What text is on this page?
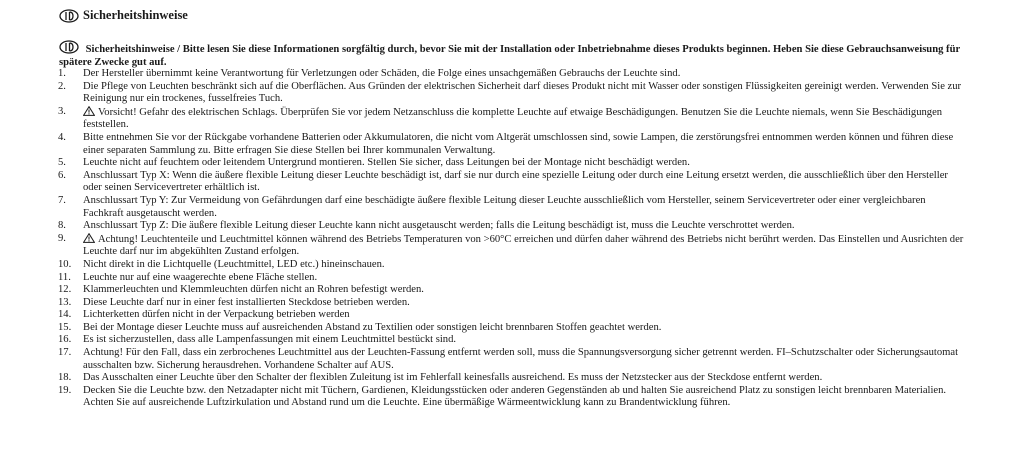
Sicherheitshinweise
Sicherheitshinweise / Bitte lesen Sie diese Informationen sorgfältig durch, bevor Sie mit der Installation oder Inbetriebnahme dieses Produkts beginnen. Heben Sie diese Gebrauchsanweisung für spätere Zwecke gut auf.
1.	Der Hersteller übernimmt keine Verantwortung für Verletzungen oder Schäden, die Folge eines unsachgemäßen Gebrauchs der Leuchte sind.
2.	Die Pflege von Leuchten beschränkt sich auf die Oberflächen. Aus Gründen der elektrischen Sicherheit darf dieses Produkt nicht mit Wasser oder sonstigen Flüssigkeiten gereinigt werden. Verwenden Sie zur Reinigung nur ein trockenes, fusselfreies Tuch.
3.	Vorsicht! Gefahr des elektrischen Schlags. Überprüfen Sie vor jedem Netzanschluss die komplette Leuchte auf etwaige Beschädigungen. Benutzen Sie die Leuchte niemals, wenn Sie Beschädigungen feststellen.
4.	Bitte entnehmen Sie vor der Rückgabe vorhandene Batterien oder Akkumulatoren, die nicht vom Altgerät umschlossen sind, sowie Lampen, die zerstörungsfrei entnommen werden können und führen diese einer separaten Sammlung zu. Bitte erfragen Sie diese Stellen bei Ihrer kommunalen Verwaltung.
5.	Leuchte nicht auf feuchtem oder leitendem Untergrund montieren. Stellen Sie sicher, dass Leitungen bei der Montage nicht beschädigt werden.
6.	Anschlussart Typ X: Wenn die äußere flexible Leitung dieser Leuchte beschädigt ist, darf sie nur durch eine spezielle Leitung oder durch eine Leitung ersetzt werden, die ausschließlich über den Hersteller oder seinen Servicevertreter erhältlich ist.
7.	Anschlussart Typ Y: Zur Vermeidung von Gefährdungen darf eine beschädigte äußere flexible Leitung dieser Leuchte ausschließlich vom Hersteller, seinem Servicevertreter oder einer vergleichbaren Fachkraft ausgetauscht werden.
8.	Anschlussart Typ Z: Die äußere flexible Leitung dieser Leuchte kann nicht ausgetauscht werden; falls die Leitung beschädigt ist, muss die Leuchte verschrottet werden.
9.	Achtung! Leuchtenteile und Leuchtmittel können während des Betriebs Temperaturen von >60°C erreichen und dürfen daher während des Betriebs nicht berührt werden. Das Einstellen und Ausrichten der Leuchte darf nur im abgekühlten Zustand erfolgen.
10.	Nicht direkt in die Lichtquelle (Leuchtmittel, LED etc.) hineinschauen.
11.	Leuchte nur auf eine waagerechte ebene Fläche stellen.
12.	Klammerleuchten und Klemmleuchten dürfen nicht an Rohren befestigt werden.
13.	Diese Leuchte darf nur in einer fest installierten Steckdose betrieben werden.
14.	Lichterketten dürfen nicht in der Verpackung betrieben werden
15.	Bei der Montage dieser Leuchte muss auf ausreichenden Abstand zu Textilien oder sonstigen leicht brennbaren Stoffen geachtet werden.
16.	Es ist sicherzustellen, dass alle Lampenfassungen mit einem Leuchtmittel bestückt sind.
17.	Achtung! Für den Fall, dass ein zerbrochenes Leuchtmittel aus der Leuchten-Fassung entfernt werden soll, muss die Spannungsversorgung sicher getrennt werden. FI–Schutzschalter oder Sicherungsautomat ausschalten bzw. Sicherung herausdrehen. Vorhandene Schalter auf AUS.
18.	Das Ausschalten einer Leuchte über den Schalter der flexiblen Zuleitung ist im Fehlerfall keinesfalls ausreichend. Es muss der Netzstecker aus der Steckdose entfernt werden.
19.	Decken Sie die Leuchte bzw. den Netzadapter nicht mit Tüchern, Gardienen, Kleidungsstücken oder anderen Gegenständen ab und halten Sie ausreichend Platz zu sonstigen leicht brennbaren Materialien. Achten Sie auf ausreichende Luftzirkulation und Abstand rund um die Leuchte. Eine übermäßige Wärmeentwicklung kann zu Brandentwicklung führen.
